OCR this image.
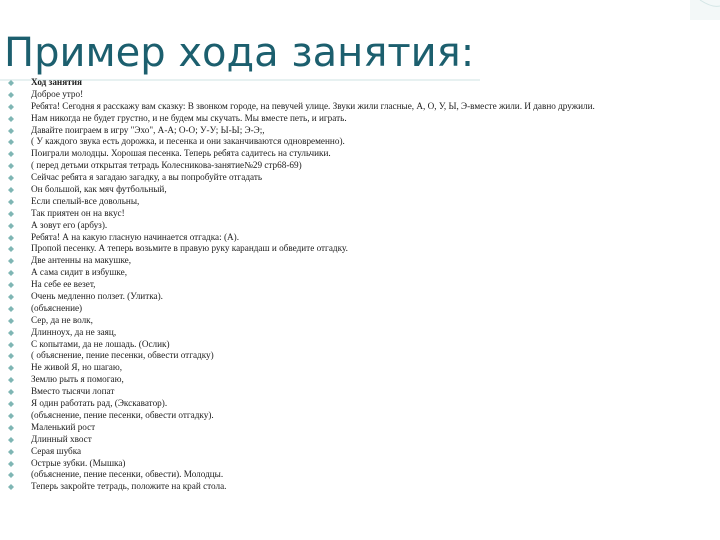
Пример хода занятия:
Ход занятия
Доброе утро!
Ребята! Сегодня я расскажу вам сказку: В звонком городе, на певучей улице. Звуки жили гласные, А, О, У, Ы, Э-вместе жили. И давно дружили.
Нам никогда не будет грустно, и не будем мы скучать. Мы вместе петь, и играть.
Давайте поиграем в игру "Эхо", А-А; О-О; У-У; Ы-Ы; Э-Э;,
( У каждого звука есть дорожка, и песенка и они заканчиваются одновременно).
Поиграли молодцы. Хорошая песенка. Теперь ребята садитесь на стульчики.
( перед детьми открытая тетрадь Колесникова-занятие№29 стр68-69)
Сейчас ребята я загадаю загадку, а вы попробуйте отгадать
Он большой, как мяч футбольный,
Если спелый-все довольны,
Так приятен он на вкус!
А зовут его (арбуз).
Ребята! А на какую гласную начинается отгадка: (А).
Пропой песенку. А теперь возьмите в правую руку карандаш и обведите отгадку.
Две антенны на макушке,
А сама сидит в избушке,
На себе ее везет,
Очень медленно ползет. (Улитка).
(объяснение)
Сер, да не волк,
Длинноух, да не заяц,
С копытами, да не лошадь. (Ослик)
( объяснение, пение песенки, обвести отгадку)
Не живой Я, но шагаю,
Землю рыть я помогаю,
Вместо тысячи лопат
Я один работать рад, (Экскаватор).
(объяснение, пение песенки, обвести отгадку).
Маленький рост
Длинный хвост
Серая шубка
Острые зубки. (Мышка)
(объяснение, пение песенки, обвести). Молодцы.
Теперь закройте тетрадь, положите на край стола.
